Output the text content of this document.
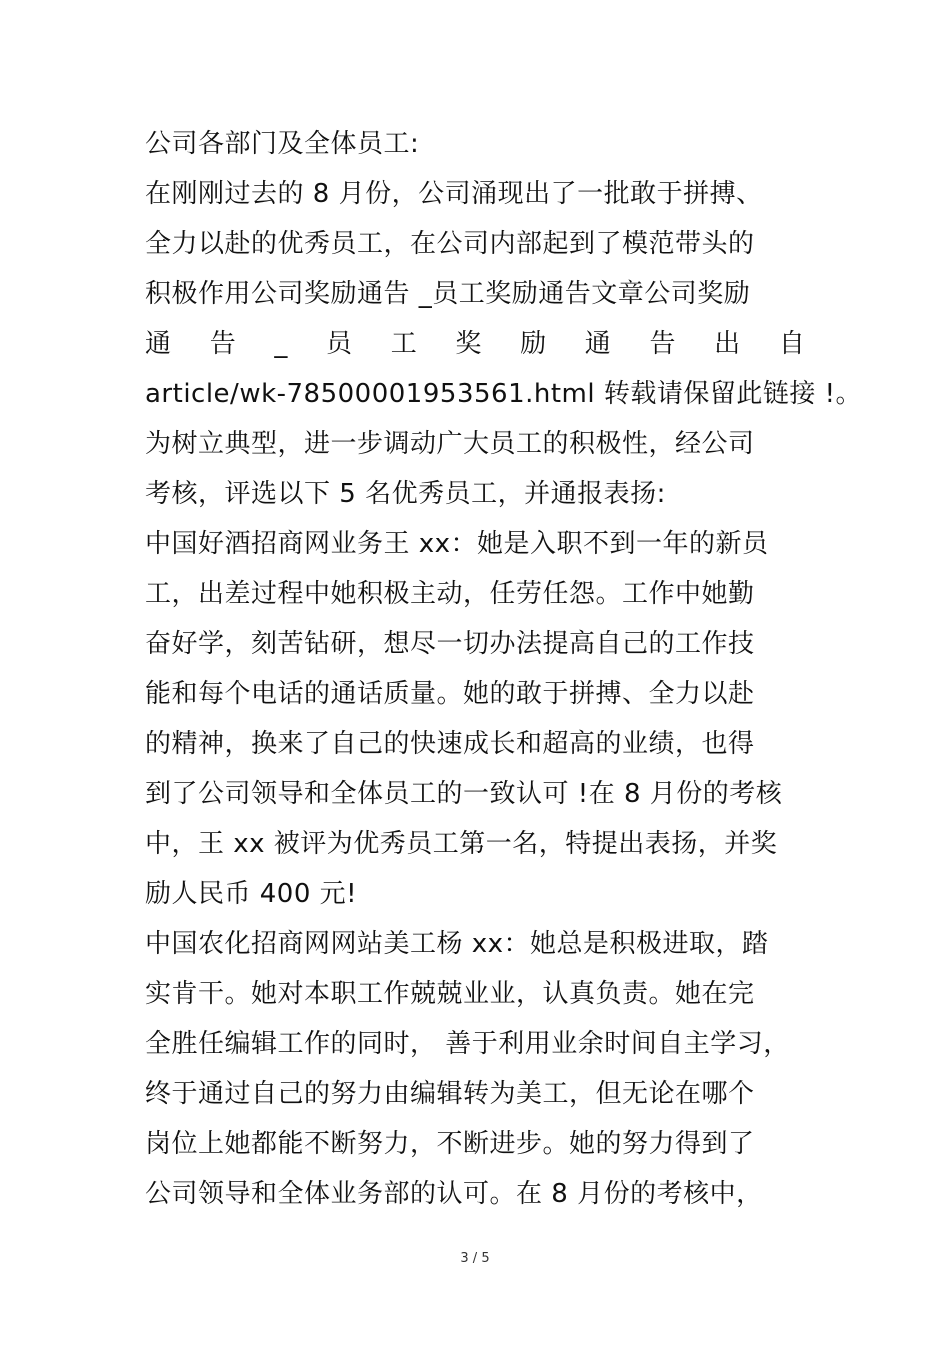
公司各部门及全体员工:
在刚刚过去的 8 月份，公司涌现出了一批敢于拼搏、
全力以赴的优秀员工，在公司内部起到了模范带头的
积极作用公司奖励通告 _员工奖励通告文章公司奖励
通 告 _ 员 工 奖 励 通 告 出 自
article/wk-78500001953561.html 转载请保留此链接 !。
为树立典型，进一步调动广大员工的积极性，经公司
考核，评选以下 5 名优秀员工，并通报表扬:
中国好酒招商网业务王 xx：她是入职不到一年的新员
工，出差过程中她积极主动，任劳任怨。工作中她勤
奋好学，刻苦钻研，想尽一切办法提高自己的工作技
能和每个电话的通话质量。她的敢于拼搏、全力以赴
的精神，换来了自己的快速成长和超高的业绩，也得
到了公司领导和全体员工的一致认可 !在 8 月份的考核
中，王 xx 被评为优秀员工第一名，特提出表扬，并奖
励人民币 400 元!
中国农化招商网网站美工杨 xx：她总是积极进取，踏
实肯干。她对本职工作兢兢业业，认真负责。她在完
全胜任编辑工作的同时， 善于利用业余时间自主学习，
终于通过自己的努力由编辑转为美工，但无论在哪个
岗位上她都能不断努力，不断进步。她的努力得到了
公司领导和全体业务部的认可。在 8 月份的考核中，
3 / 5
